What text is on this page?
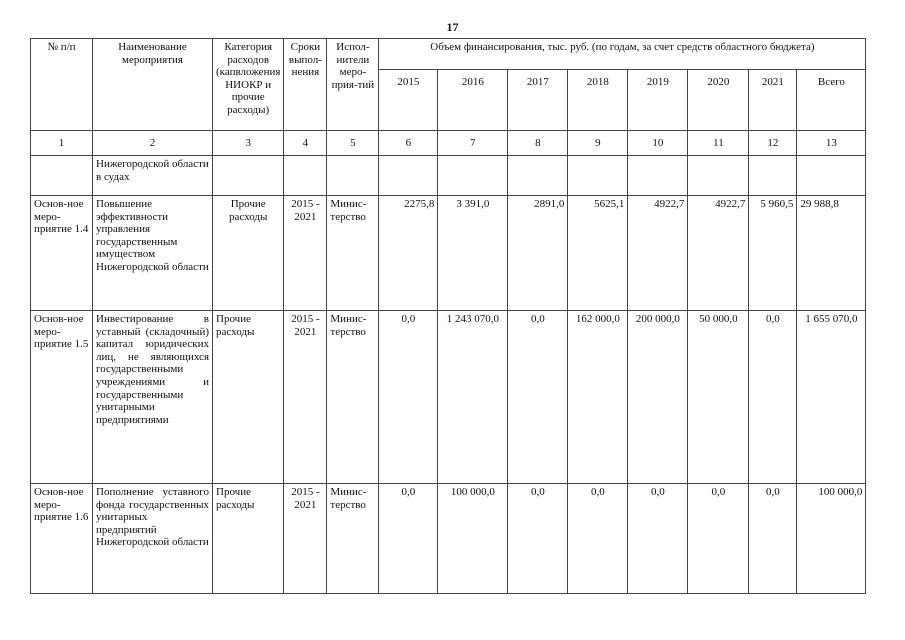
17
№ п/п	Наименование мероприятия	Категория расходов (капвложения НИОКР и прочие расходы)	Сроки выпол-нения	Испол-нители меро-прия-тий	Объем финансирования, тыс. руб. (по годам, за счет средств областного бюджета)							
					2015	2016	2017	2018	2019	2020	2021	Всего
1	2	3	4	5	6	7	8	9	10	11	12	13
	Нижегородской области в судах											
Основ-ное меро-приятие 1.4	Повышение эффективности управления государственным имуществом Нижегородской области	Прочие расходы	2015 - 2021	Минис-терство	2275,8	3 391,0	2891,0	5625,1	4922,7	4922,7	5 960,5	29 988,8
Основ-ное меро-приятие 1.5	Инвестирование в уставный (складочный) капитал юридических лиц, не являющихся государственными учреждениями и государственными унитарными предприятиями	Прочие расходы	2015 - 2021	Минис-терство	0,0	1 243 070,0	0,0	162 000,0	200 000,0	50 000,0	0,0	1 655 070,0
Основ-ное меро-приятие 1.6	Пополнение уставного фонда государственных унитарных предприятий Нижегородской области	Прочие расходы	2015 - 2021	Минис-терство	0,0	100 000,0	0,0	0,0	0,0	0,0	0,0	100 000,0
